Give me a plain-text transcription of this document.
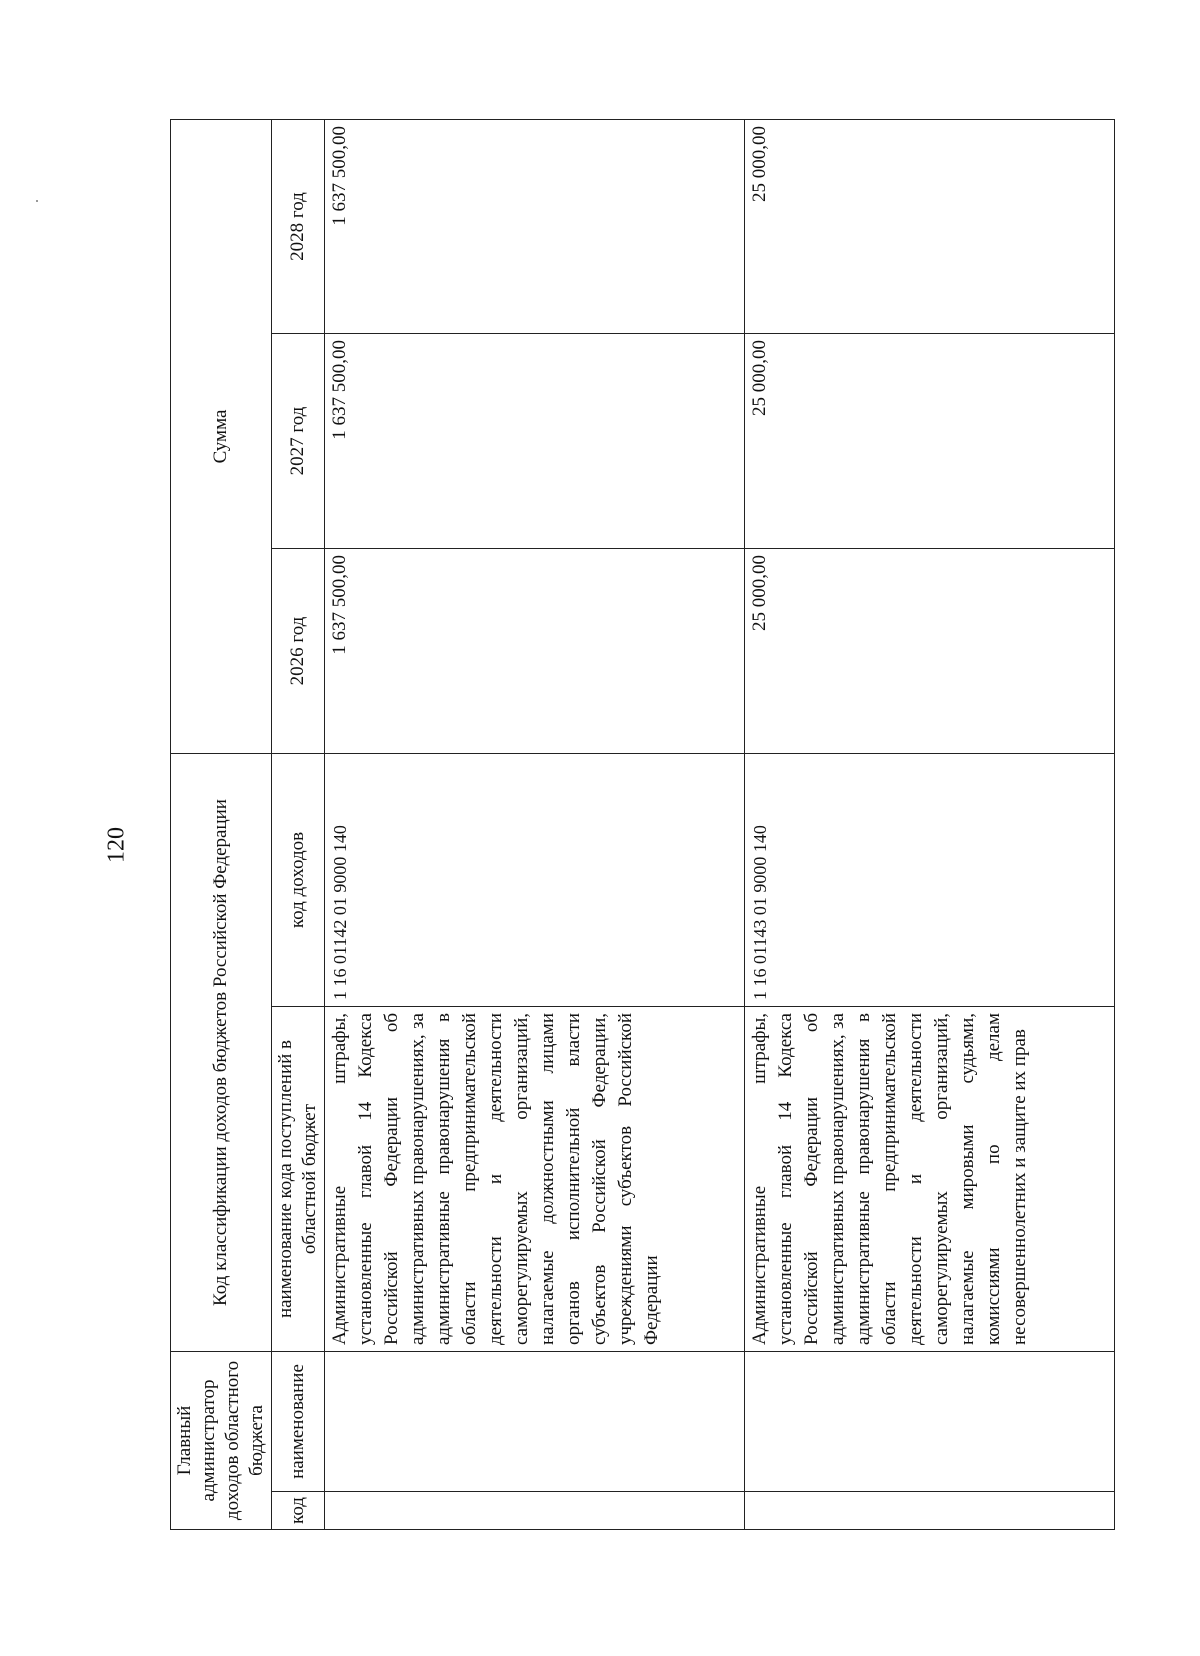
120
Главный администратор доходов областного бюджета		Код классификации доходов бюджетов Российской Федерации		Сумма		
код	наименование	наименование кода поступлений в областной бюджет	код доходов	2026 год	2027 год	2028 год
		Административные штрафы, установленные главой 14 Кодекса Российской Федерации об административных правонарушениях, за административные правонарушения в области предпринимательской деятельности и деятельности саморегулируемых организаций, налагаемые должностными лицами органов исполнительной власти субъектов Российской Федерации, учреждениями субъектов Российской Федерации	1 16 01142 01 9000 140	1 637 500,00	1 637 500,00	1 637 500,00
		Административные штрафы, установленные главой 14 Кодекса Российской Федерации об административных правонарушениях, за административные правонарушения в области предпринимательской деятельности и деятельности саморегулируемых организаций, налагаемые мировыми судьями, комиссиями по делам несовершеннолетних и защите их прав	1 16 01143 01 9000 140	25 000,00	25 000,00	25 000,00
